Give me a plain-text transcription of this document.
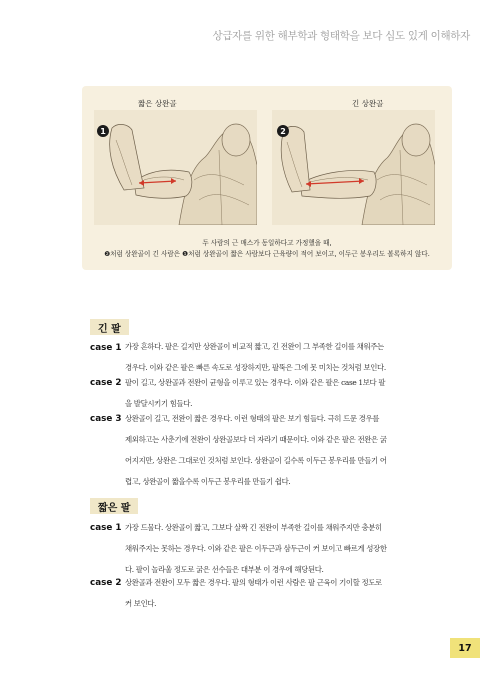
상급자를 위한 해부학과 형태학을 보다 심도 있게 이해하자
짧은 상완골	긴 상완골
1	2
두 사람의 근 매스가 동일하다고 가정했을 때,
❷처럼 상완골이 긴 사람은 ❶처럼 상완골이 짧은 사람보다 근육량이 적어 보이고, 이두근 봉우리도 볼록하지 않다.
긴 팔
case 1 가장 흔하다. 팔은 길지만 상완골이 비교적 짧고, 긴 전완이 그 부족한 길이를 채워주는
경우다. 이와 같은 팔은 빠른 속도로 성장하지만, 팔뚝은 그에 못 미치는 것처럼 보인다.
case 2 팔이 길고, 상완골과 전완이 균형을 이루고 있는 경우다. 이와 같은 팔은 case 1보다 팔
을 발달시키기 힘들다.
case 3 상완골이 길고, 전완이 짧은 경우다. 이런 형태의 팔은 보기 힘들다. 극히 드문 경우를
제외하고는 사춘기에 전완이 상완골보다 더 자라기 때문이다. 이와 같은 팔은 전완은 굵
어지지만, 상완은 그대로인 것처럼 보인다. 상완골이 길수록 이두근 봉우리를 만들기 어
렵고, 상완골이 짧을수록 이두근 봉우리를 만들기 쉽다.
짧은 팔
case 1 가장 드물다. 상완골이 짧고, 그보다 살짝 긴 전완이 부족한 길이를 채워주지만 충분히
채워주지는 못하는 경우다. 이와 같은 팔은 이두근과 삼두근이 커 보이고 빠르게 성장한
다. 팔이 놀라울 정도로 굵은 선수들은 대부분 이 경우에 해당된다.
case 2 상완골과 전완이 모두 짧은 경우다. 팔의 형태가 이런 사람은 팔 근육이 기이할 정도로
커 보인다.
17
